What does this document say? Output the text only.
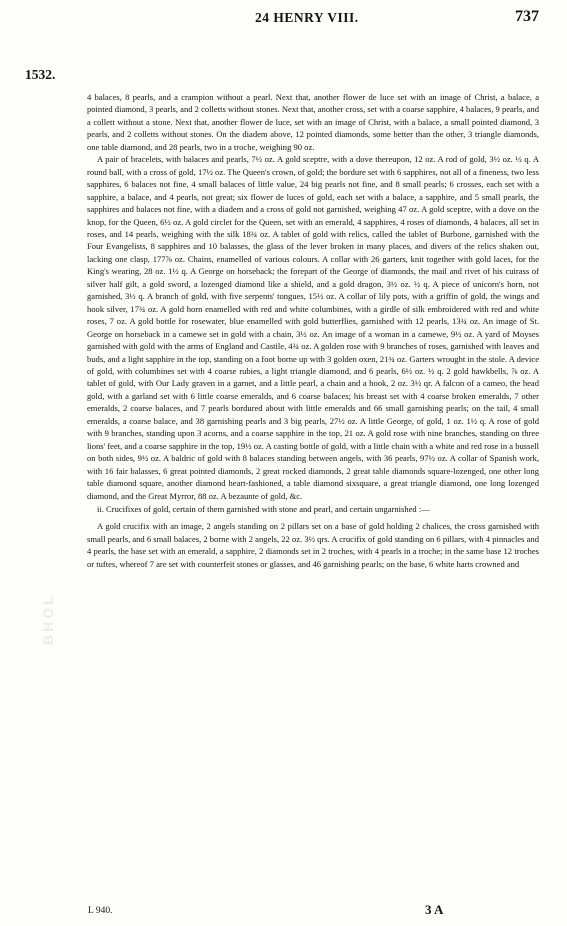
24 HENRY VIII.	737
1532.
BHOL

4 balaces, 8 pearls, and a crampion without a pearl. Next that, another flower de luce set with an image of Christ, a balace, a pointed diamond, 3 pearls, and 2 colletts without stones. Next that, another cross, set with a coarse sapphire, 4 balaces, 9 pearls, and a collett without a stone. Next that, another flower de luce, set with an image of Christ, with a balace, a small pointed diamond, 3 pearls, and 2 colletts without stones. On the diadem above, 12 pointed diamonds, some better than the other, 3 triangle diamonds, one table diamond, and 28 pearls, two in a troche, weighing 90 oz.

A pair of bracelets, with balaces and pearls, 7½ oz. A gold sceptre, with a dove thereupon, 12 oz. A rod of gold, 3½ oz. ½ q. A round ball, with a cross of gold, 17½ oz. The Queen's crown, of gold; the bordure set with 6 sapphires, not all of a fineness, two less sapphires, 6 balaces not fine, 4 small balaces of little value, 24 big pearls not fine, and 8 small pearls; 6 crosses, each set with a sapphire, a balace, and 4 pearls, not great; six flower de luces of gold, each set with a balace, a sapphire, and 5 small pearls, the sapphires and balaces not fine, with a diadem and a cross of gold not garnished, weighing 47 oz. A gold sceptre, with a dove on the knop, for the Queen, 6½ oz. A gold circlet for the Queen, set with an emerald, 4 sapphires, 4 roses of diamonds, 4 balaces, all set in roses, and 14 pearls, weighing with the silk 18¾ oz. A tablet of gold with relics, called the tablet of Burbone, garnished with the Four Evangelists, 8 sapphires and 10 balasses, the glass of the lever broken in many places, and divers of the relics shaken out, lacking one clasp, 177⅞ oz. Chains, enamelled of various colours. A collar with 26 garters, knit together with gold laces, for the King's wearing, 28 oz. 1½ q. A George on horseback; the forepart of the George of diamonds, the mail and rivet of his cuirass of silver half gilt, a gold sword, a lozenged diamond like a shield, and a gold dragon, 3½ oz. ½ q. A piece of unicorn's horn, not garnished, 3½ q. A branch of gold, with five serpents' tongues, 15½ oz. A collar of lily pots, with a griffin of gold, the wings and hook silver, 17¾ oz. A gold horn enamelled with red and white columbines, with a girdle of silk embroidered with red and white roses, 7 oz. A gold bottle for rosewater, blue enamelled with gold butterflies, garnished with 12 pearls, 13¾ oz. An image of St. George on horseback in a camewe set in gold with a chain, 3½ oz. An image of a woman in a camewe, 9½ oz. A yard of Moyses garnished with gold with the arms of England and Castile, 4¾ oz. A golden rose with 9 branches of roses, garnished with leaves and buds, and a light sapphire in the top, standing on a foot borne up with 3 golden oxen, 21¾ oz. Garters wrought in the stole. A device of gold, with columbines set with 4 coarse rubies, a light triangle diamond, and 6 pearls, 6½ oz. ½ q. 2 gold hawkbells, ⅞ oz. A tablet of gold, with Our Lady graven in a garnet, and a little pearl, a chain and a hook, 2 oz. 3½ qr. A falcon of a cameo, the head gold, with a garland set with 6 little coarse emeralds, and 6 coarse balaces; his breast set with 4 coarse broken emeralds, 7 other emeralds, 2 coarse balaces, and 7 pearls bordured about with little emeralds and 66 small garnishing pearls; on the tail, 4 small emeralds, a coarse balace, and 38 garnishing pearls and 3 big pearls, 27½ oz. A little George, of gold, 1 oz. 1½ q. A rose of gold with 9 branches, standing upon 3 acorns, and a coarse sapphire in the top, 21 oz. A gold rose with nine branches, standing on three lions' feet, and a coarse sapphire in the top, 19½ oz. A casting bottle of gold, with a little chain with a white and red rose in a bussell on both sides, 9½ oz. A baldric of gold with 8 balaces standing between angels, with 36 pearls, 97½ oz. A collar of Spanish work, with 16 fair balasses, 6 great pointed diamonds, 2 great rocked diamonds, 2 great table diamonds square-lozenged, one other long table diamond square, another diamond heart-fashioned, a table diamond sixsquare, a great triangle diamond, one long lozenged diamond, and the Great Myrror, 88 oz. A bezaunte of gold, &c.

ii. Crucifixes of gold, certain of them garnished with stone and pearl, and certain ungarnished :—

A gold crucifix with an image, 2 angels standing on 2 pillars set on a base of gold holding 2 chalices, the cross garnished with small pearls, and 6 small balaces, 2 borne with 2 angels, 22 oz. 3½ qrs. A crucifix of gold standing on 6 pillars, with 4 pinnacles and 4 pearls, the base set with an emerald, a sapphire, 2 diamonds set in 2 troches, with 4 pearls in a troche; in the same base 12 troches or tuftes, whereof 7 are set with counterfeit stones or glasses, and 46 garnishing pearls; on the base, 6 white harts crowned and

L 940.	3 A
